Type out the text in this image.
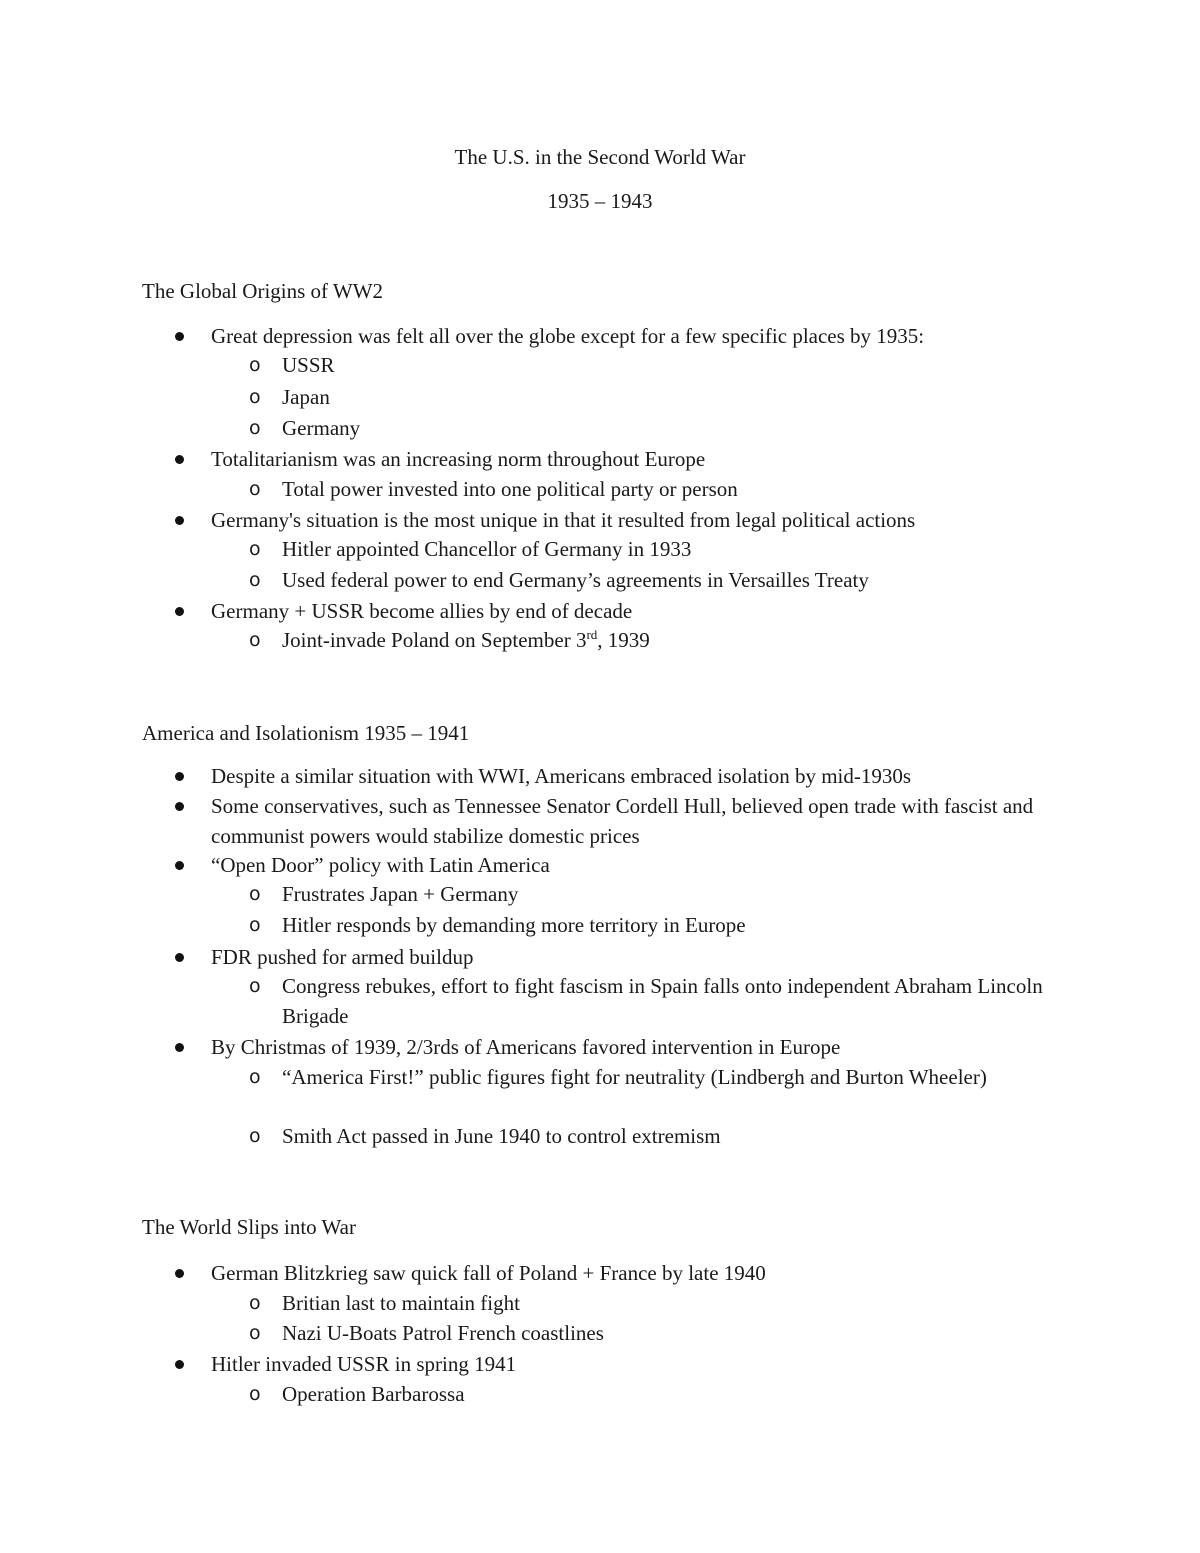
The U.S. in the Second World War
1935 – 1943
The Global Origins of WW2
Great depression was felt all over the globe except for a few specific places by 1935:
o USSR
o Japan
o Germany
Totalitarianism was an increasing norm throughout Europe
o Total power invested into one political party or person
Germany's situation is the most unique in that it resulted from legal political actions
o Hitler appointed Chancellor of Germany in 1933
o Used federal power to end Germany’s agreements in Versailles Treaty
Germany + USSR become allies by end of decade
o Joint-invade Poland on September 3rd, 1939
America and Isolationism 1935 – 1941
Despite a similar situation with WWI, Americans embraced isolation by mid-1930s
Some conservatives, such as Tennessee Senator Cordell Hull, believed open trade with fascist and communist powers would stabilize domestic prices
“Open Door” policy with Latin America
o Frustrates Japan + Germany
o Hitler responds by demanding more territory in Europe
FDR pushed for armed buildup
o Congress rebukes, effort to fight fascism in Spain falls onto independent Abraham Lincoln Brigade
By Christmas of 1939, 2/3rds of Americans favored intervention in Europe
o “America First!” public figures fight for neutrality (Lindbergh and Burton Wheeler)
o Smith Act passed in June 1940 to control extremism
The World Slips into War
German Blitzkrieg saw quick fall of Poland + France by late 1940
o Britian last to maintain fight
o Nazi U-Boats Patrol French coastlines
Hitler invaded USSR in spring 1941
o Operation Barbarossa
